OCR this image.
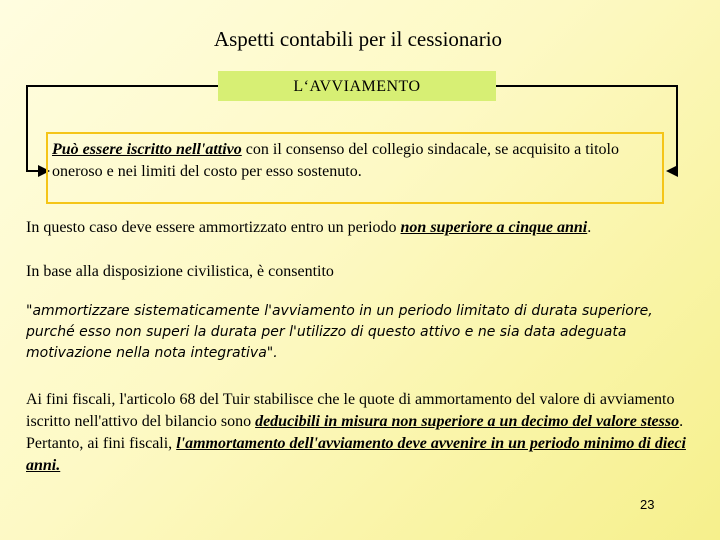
Aspetti contabili per il cessionario
L‘AVVIAMENTO
Può essere iscritto nell'attivo con il consenso del collegio sindacale, se acquisito a titolo oneroso e nei limiti del costo per esso sostenuto.
In questo caso deve essere ammortizzato entro un periodo non superiore a cinque anni.
In base alla disposizione civilistica, è consentito
"ammortizzare sistematicamente l'avviamento in un periodo limitato di durata superiore, purché esso non superi la durata per l'utilizzo di questo attivo e ne sia data adeguata motivazione nella nota integrativa".
Ai fini fiscali, l'articolo 68 del Tuir stabilisce che le quote di ammortamento del valore di avviamento iscritto nell'attivo del bilancio sono deducibili in misura non superiore a un decimo del valore stesso. Pertanto, ai fini fiscali, l'ammortamento dell'avviamento deve avvenire in un periodo minimo di dieci anni.
23
